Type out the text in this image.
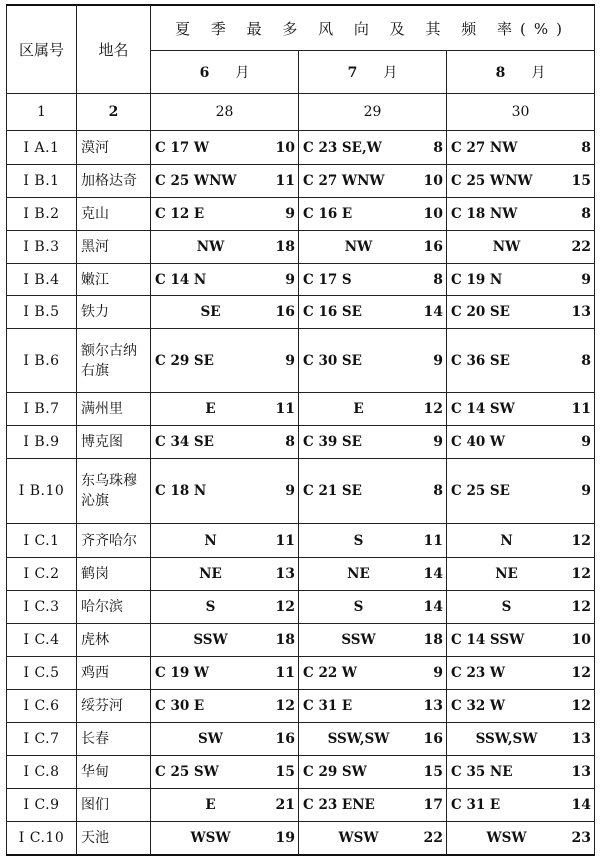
区属号	地名	夏 季 最 多 风 向 及 其 频 率(%)		
		6 月	7 月	8 月
1	2	28	29	30
I A.1	漠河	C 17 W 10	C 23 SE,W 8	C 27 NW 8

I B.1	加格达奇	C 25 WNW 11	C 27 WNW 10	C 25 WNW 15

I B.2	克山	C 12 E 9	C 16 E 10	C 18 NW 8

I B.3	黑河	NW 18	NW 16	NW 22

I B.4	嫩江	C 14 N 9	C 17 S 8	C 19 N 9

I B.5	铁力	SE 16	C 16 SE 14	C 20 SE 13

I B.6	额尔古纳右旗	C 29 SE 9	C 30 SE 9	C 36 SE 8

I B.7	满州里	E 11	E 12	C 14 SW 11

I B.9	博克图	C 34 SE 8	C 39 SE 9	C 40 W 9

I B.10	东乌珠穆沁旗	C 18 N 9	C 21 SE 8	C 25 SE 9

I C.1	齐齐哈尔	N 11	S 11	N 12

I C.2	鹤岗	NE 13	NE 14	NE 12

I C.3	哈尔滨	S 12	S 14	S 12

I C.4	虎林	SSW 18	SSW 18	C 14 SSW 10

I C.5	鸡西	C 19 W 11	C 22 W 9	C 23 W 12

I C.6	绥芬河	C 30 E 12	C 31 E 13	C 32 W 12

I C.7	长春	SW 16	SSW,SW 16	SSW,SW 13

I C.8	华甸	C 25 SW 15	C 29 SW 15	C 35 NE 13

I C.9	图们	E 21	C 23 ENE 17	C 31 E 14

I C.10	天池	WSW 19	WSW 22	WSW 23
